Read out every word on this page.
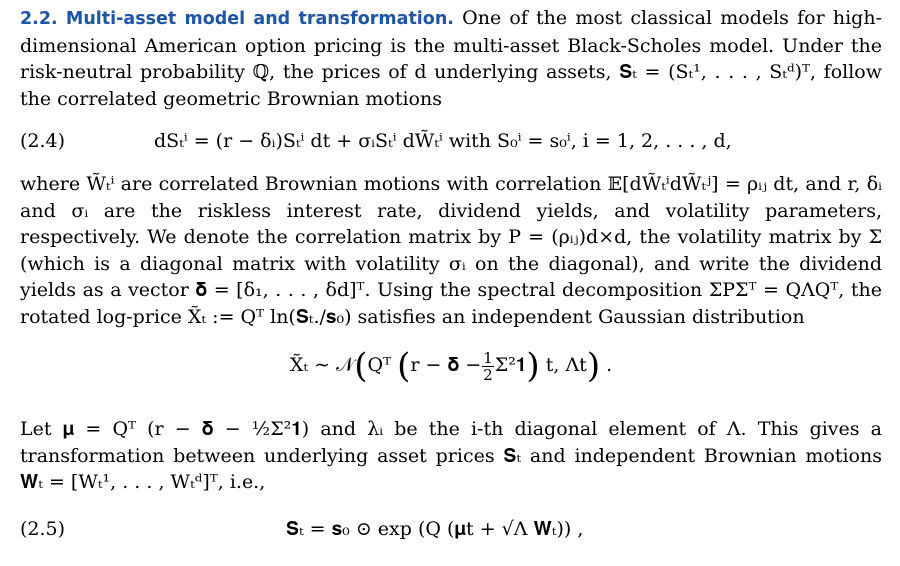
2.2. Multi-asset model and transformation. One of the most classical models for high-dimensional American option pricing is the multi-asset Black-Scholes model. Under the risk-neutral probability ℚ, the prices of d underlying assets, 𝐒ₜ = (Sₜ¹, . . . , Sₜᵈ)ᵀ, follow the correlated geometric Brownian motions

(2.4)	dSₜⁱ = (r − δᵢ)Sₜⁱ dt + σᵢSₜⁱ dW̃ₜⁱ with S₀ⁱ = s₀ⁱ, i = 1, 2, . . . , d,

where W̃ₜⁱ are correlated Brownian motions with correlation 𝔼[dW̃ₜⁱdW̃ₜʲ] = ρᵢⱼ dt, and r, δᵢ and σᵢ are the riskless interest rate, dividend yields, and volatility parameters, respectively. We denote the correlation matrix by P = (ρᵢⱼ)d×d, the volatility matrix by Σ (which is a diagonal matrix with volatility σᵢ on the diagonal), and write the dividend yields as a vector 𝛅 = [δ₁, . . . , δd]ᵀ. Using the spectral decomposition ΣPΣᵀ = QΛQᵀ, the rotated log-price X̃ₜ := Qᵀ ln(𝐒ₜ./𝐬₀) satisfies an independent Gaussian distribution

X̃ₜ ∼ 𝒩(Qᵀ (r − 𝛅 − $\frac{1}{2}$ Σ²𝟏) t, Λt) .

Let 𝛍 = Qᵀ (r − 𝛅 − ½Σ²𝟏) and λᵢ be the i-th diagonal element of Λ. This gives a transformation between underlying asset prices 𝐒ₜ and independent Brownian motions 𝐖ₜ = [Wₜ¹, . . . , Wₜᵈ]ᵀ, i.e.,

(2.5)	𝐒ₜ = 𝐬₀ ⊙ exp (Q (𝛍t + √Λ 𝐖ₜ)) ,
